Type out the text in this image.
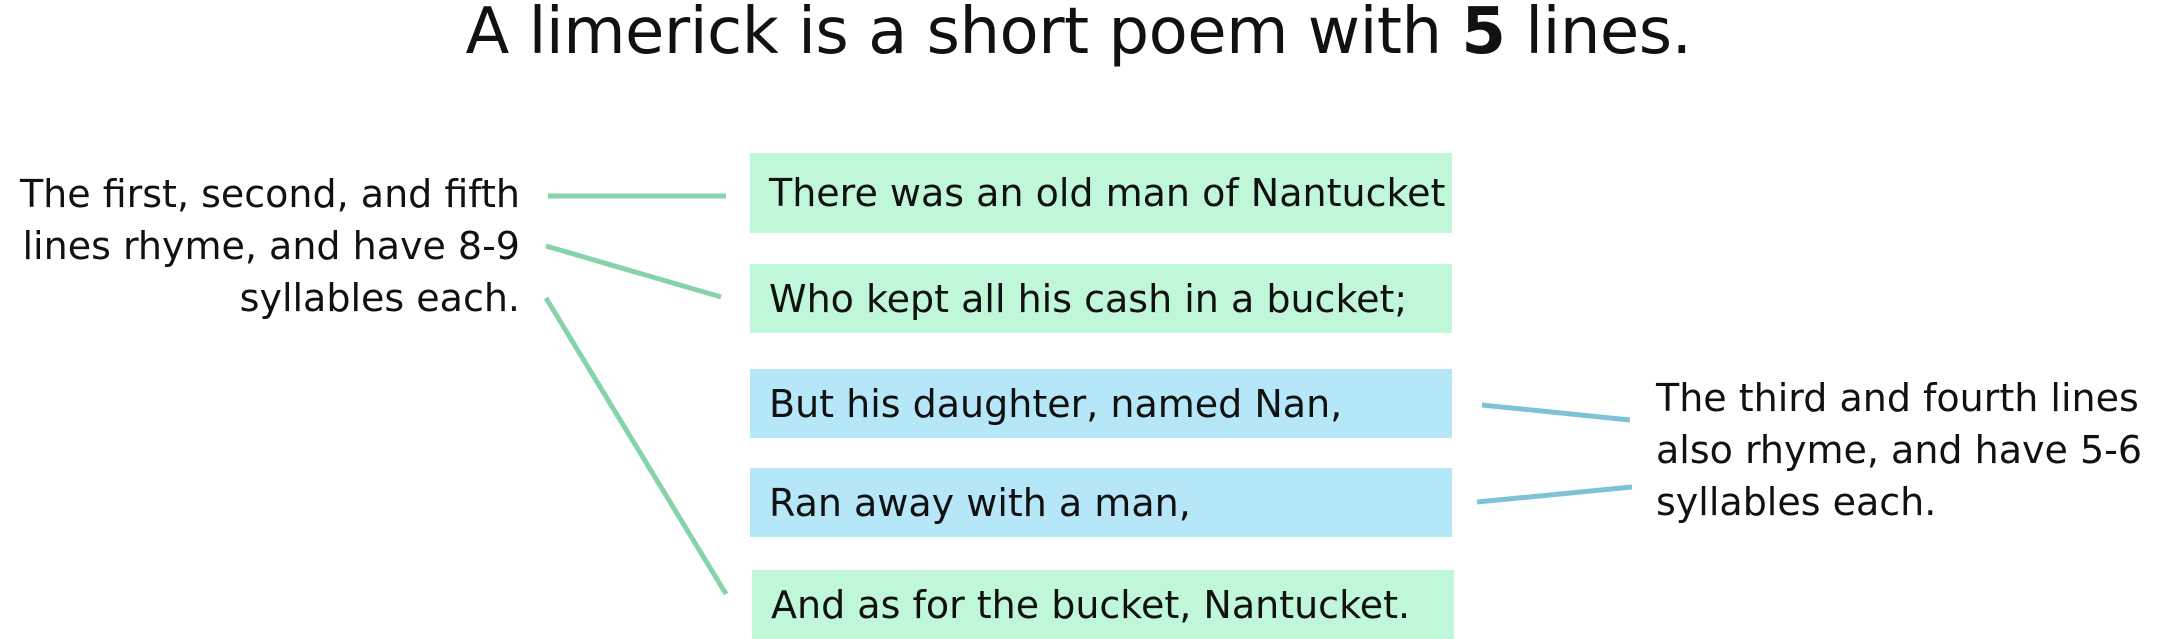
A limerick is a short poem with 5 lines.
The first, second, and fifth
lines rhyme, and have 8-9
syllables each.
There was an old man of Nantucket
Who kept all his cash in a bucket;
But his daughter, named Nan,
Ran away with a man,
And as for the bucket, Nantucket.
The third and fourth lines
also rhyme, and have 5-6
syllables each.
